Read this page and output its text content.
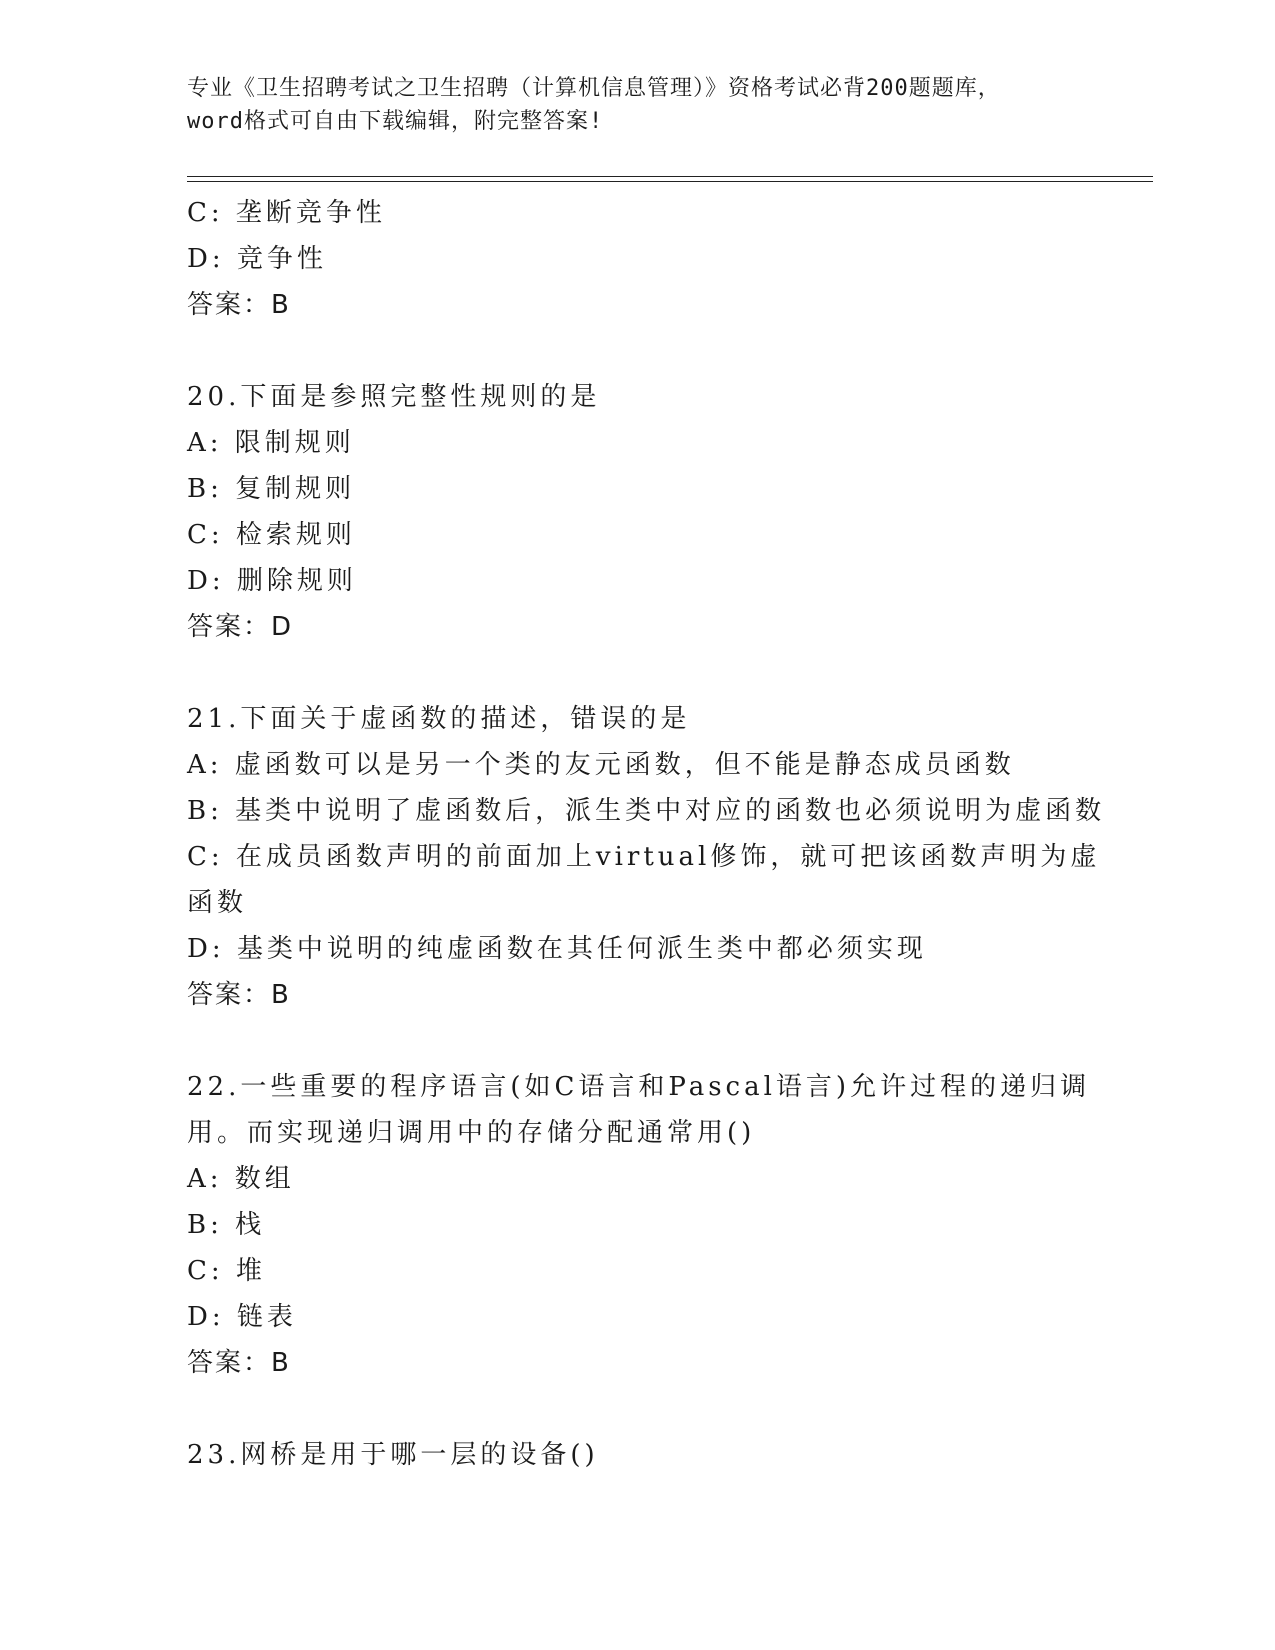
专业《卫生招聘考试之卫生招聘（计算机信息管理）》资格考试必背200题题库，
word格式可自由下载编辑，附完整答案!
C: 垄断竞争性
D: 竞争性
答案：B
20.下面是参照完整性规则的是
A: 限制规则
B: 复制规则
C: 检索规则
D: 删除规则
答案：D
21.下面关于虚函数的描述，错误的是
A: 虚函数可以是另一个类的友元函数，但不能是静态成员函数
B: 基类中说明了虚函数后，派生类中对应的函数也必须说明为虚函数
C: 在成员函数声明的前面加上virtual修饰，就可把该函数声明为虚
函数
D: 基类中说明的纯虚函数在其任何派生类中都必须实现
答案：B
22.一些重要的程序语言(如C语言和Pascal语言)允许过程的递归调
用。而实现递归调用中的存储分配通常用()
A: 数组
B: 栈
C: 堆
D: 链表
答案：B
23.网桥是用于哪一层的设备()
